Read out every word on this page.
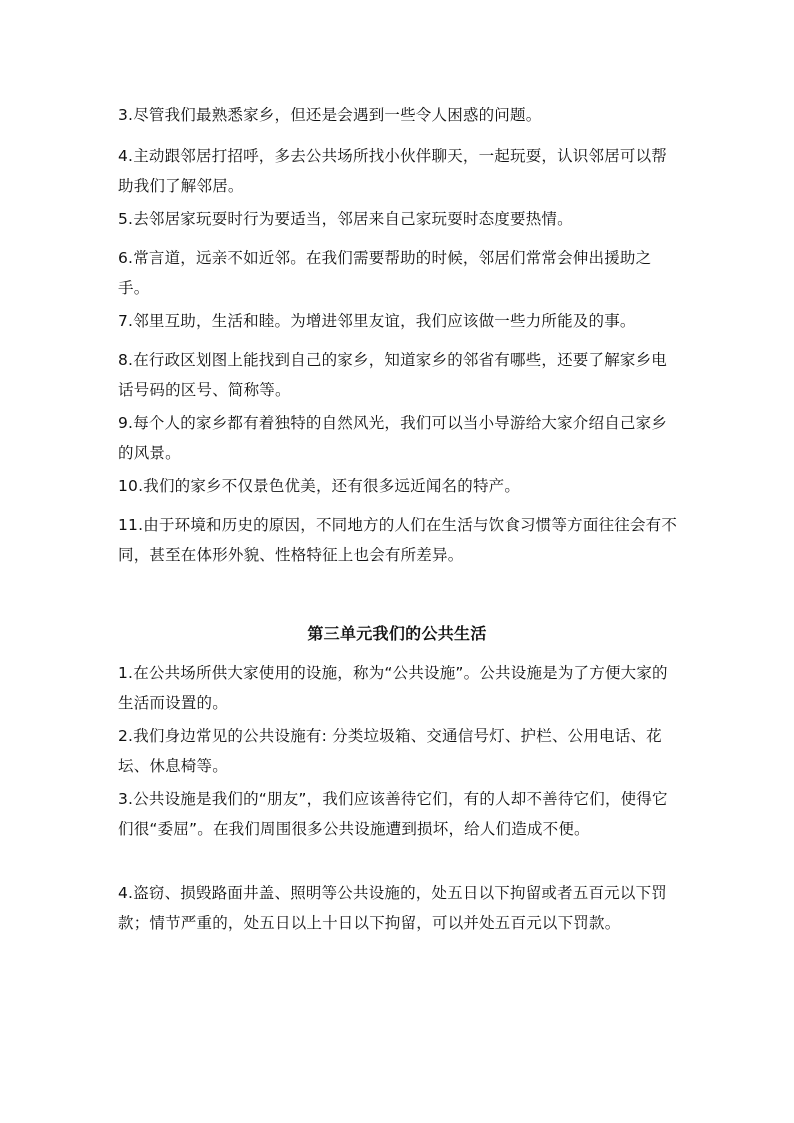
3.尽管我们最熟悉家乡，但还是会遇到一些令人困惑的问题。

4.主动跟邻居打招呼，多去公共场所找小伙伴聊天，一起玩耍，认识邻居可以帮助我们了解邻居。

5.去邻居家玩耍时行为要适当，邻居来自己家玩耍时态度要热情。

6.常言道，远亲不如近邻。在我们需要帮助的时候，邻居们常常会伸出援助之手。

7.邻里互助，生活和睦。为增进邻里友谊，我们应该做一些力所能及的事。

8.在行政区划图上能找到自己的家乡，知道家乡的邻省有哪些，还要了解家乡电话号码的区号、简称等。

9.每个人的家乡都有着独特的自然风光，我们可以当小导游给大家介绍自己家乡的风景。

10.我们的家乡不仅景色优美，还有很多远近闻名的特产。

11.由于环境和历史的原因，不同地方的人们在生活与饮食习惯等方面往往会有不同，甚至在体形外貌、性格特征上也会有所差异。

第三单元我们的公共生活

1.在公共场所供大家使用的设施，称为“公共设施”。公共设施是为了方便大家的生活而设置的。

2.我们身边常见的公共设施有: 分类垃圾箱、交通信号灯、护栏、公用电话、花坛、休息椅等。

3.公共设施是我们的“朋友”，我们应该善待它们，有的人却不善待它们，使得它们很“委屈”。在我们周围很多公共设施遭到损坏，给人们造成不便。

4.盗窃、损毁路面井盖、照明等公共设施的，处五日以下拘留或者五百元以下罚款；情节严重的，处五日以上十日以下拘留，可以并处五百元以下罚款。
